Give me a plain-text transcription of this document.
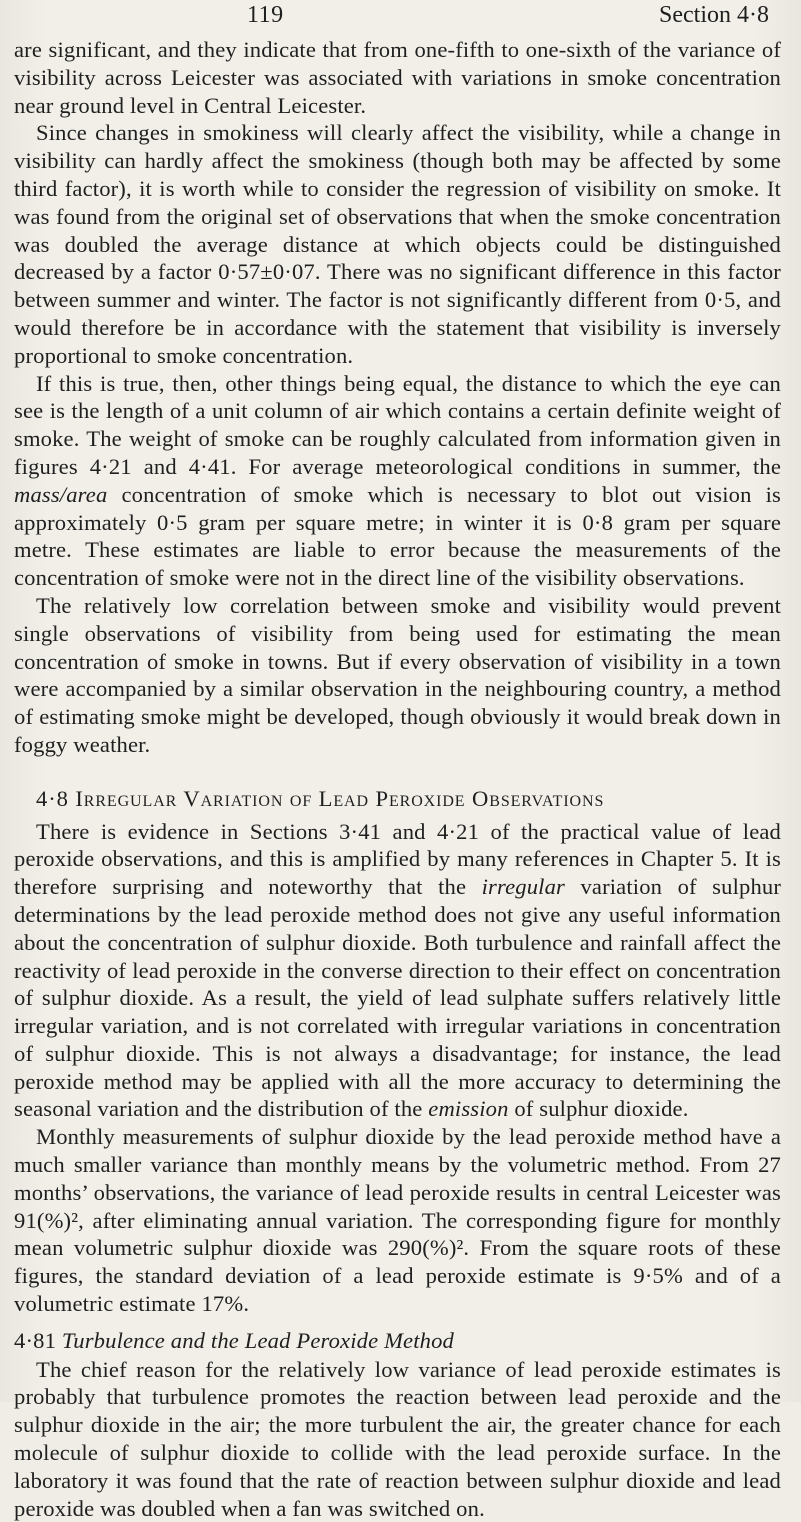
119	Section 4·8

are significant, and they indicate that from one-fifth to one-sixth of the variance of visibility across Leicester was associated with variations in smoke concentration near ground level in Central Leicester.

Since changes in smokiness will clearly affect the visibility, while a change in visibility can hardly affect the smokiness (though both may be affected by some third factor), it is worth while to consider the regression of visibility on smoke. It was found from the original set of observations that when the smoke concentration was doubled the average distance at which objects could be distinguished decreased by a factor 0·57±0·07. There was no significant difference in this factor between summer and winter. The factor is not significantly different from 0·5, and would therefore be in accordance with the statement that visibility is inversely proportional to smoke concentration.

If this is true, then, other things being equal, the distance to which the eye can see is the length of a unit column of air which contains a certain definite weight of smoke. The weight of smoke can be roughly calculated from information given in figures 4·21 and 4·41. For average meteorological conditions in summer, the mass/area concentration of smoke which is necessary to blot out vision is approximately 0·5 gram per square metre; in winter it is 0·8 gram per square metre. These estimates are liable to error because the measurements of the concentration of smoke were not in the direct line of the visibility observations.

The relatively low correlation between smoke and visibility would prevent single observations of visibility from being used for estimating the mean concentration of smoke in towns. But if every observation of visibility in a town were accompanied by a similar observation in the neighbouring country, a method of estimating smoke might be developed, though obviously it would break down in foggy weather.

4·8 Irregular Variation of Lead Peroxide Observations

There is evidence in Sections 3·41 and 4·21 of the practical value of lead peroxide observations, and this is amplified by many references in Chapter 5. It is therefore surprising and noteworthy that the irregular variation of sulphur determinations by the lead peroxide method does not give any useful information about the concentration of sulphur dioxide. Both turbulence and rainfall affect the reactivity of lead peroxide in the converse direction to their effect on concentration of sulphur dioxide. As a result, the yield of lead sulphate suffers relatively little irregular variation, and is not correlated with irregular variations in concentration of sulphur dioxide. This is not always a disadvantage; for instance, the lead peroxide method may be applied with all the more accuracy to determining the seasonal variation and the distribution of the emission of sulphur dioxide.

Monthly measurements of sulphur dioxide by the lead peroxide method have a much smaller variance than monthly means by the volumetric method. From 27 months’ observations, the variance of lead peroxide results in central Leicester was 91(%)², after eliminating annual variation. The corresponding figure for monthly mean volumetric sulphur dioxide was 290(%)². From the square roots of these figures, the standard deviation of a lead peroxide estimate is 9·5% and of a volumetric estimate 17%.

4·81 Turbulence and the Lead Peroxide Method

The chief reason for the relatively low variance of lead peroxide estimates is probably that turbulence promotes the reaction between lead peroxide and the sulphur dioxide in the air; the more turbulent the air, the greater chance for each molecule of sulphur dioxide to collide with the lead peroxide surface. In the laboratory it was found that the rate of reaction between sulphur dioxide and lead peroxide was doubled when a fan was switched on.
